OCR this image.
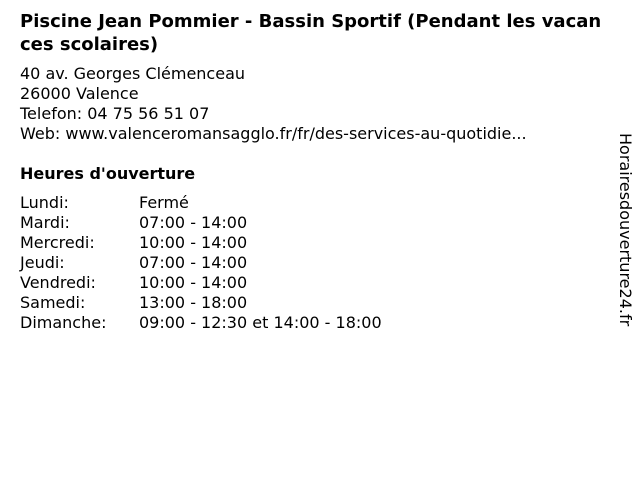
Piscine Jean Pommier - Bassin Sportif (Pendant les vacances scolaires)
40 av. Georges Clémenceau
26000 Valence
Telefon: 04 75 56 51 07
Web: www.valenceromansagglo.fr/fr/des-services-au-quotidie...
Heures d'ouverture
Lundi:	Fermé
Mardi:	07:00 - 14:00
Mercredi:	10:00 - 14:00
Jeudi:	07:00 - 14:00
Vendredi:	10:00 - 14:00
Samedi:	13:00 - 18:00
Dimanche:	09:00 - 12:30 et 14:00 - 18:00	Horairesdouverture24.fr
